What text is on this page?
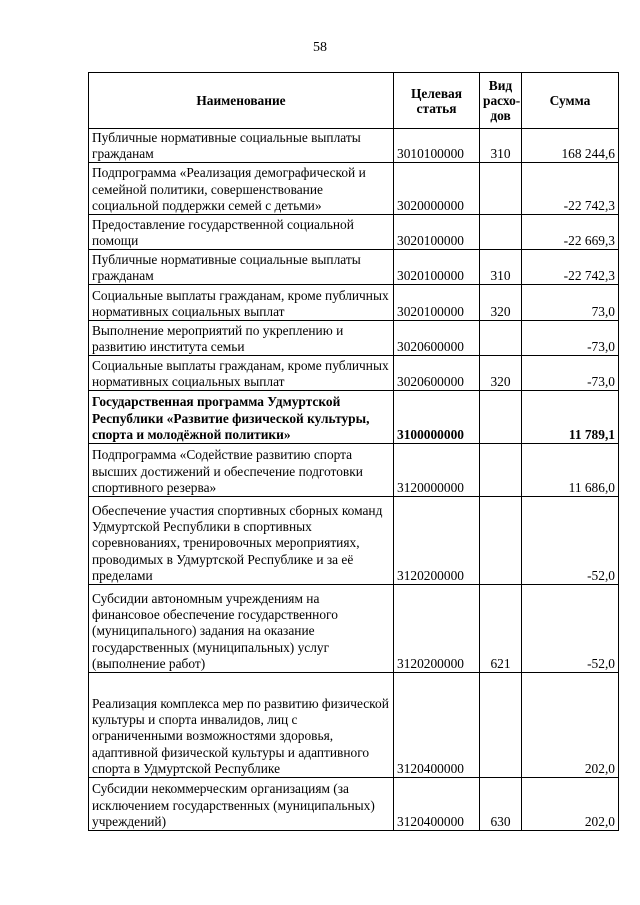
58
Наименование	Целевая статья	Вид расхо-дов	Сумма
Публичные нормативные социальные выплаты гражданам	3010100000	310	168 244,6
Подпрограмма «Реализация демографической и семейной политики, совершенствование социальной поддержки семей с детьми»	3020000000		-22 742,3
Предоставление государственной социальной помощи	3020100000		-22 669,3
Публичные нормативные социальные выплаты гражданам	3020100000	310	-22 742,3
Социальные выплаты гражданам, кроме публичных нормативных социальных выплат	3020100000	320	73,0
Выполнение мероприятий по укреплению и развитию института семьи	3020600000		-73,0
Социальные выплаты гражданам, кроме публичных нормативных социальных выплат	3020600000	320	-73,0
Государственная программа Удмуртской Республики «Развитие физической культуры, спорта и молодёжной политики»	3100000000		11 789,1
Подпрограмма «Содействие развитию спорта высших достижений и обеспечение подготовки спортивного резерва»	3120000000		11 686,0
Обеспечение участия спортивных сборных команд Удмуртской Республики в спортивных соревнованиях, тренировочных мероприятиях, проводимых в Удмуртской Республике и за её пределами	3120200000		-52,0
Субсидии автономным учреждениям на финансовое обеспечение государственного (муниципального) задания на оказание государственных (муниципальных) услуг (выполнение работ)	3120200000	621	-52,0
Реализация комплекса мер по развитию физической культуры и спорта инвалидов, лиц с ограниченными возможностями здоровья, адаптивной физической культуры и адаптивного спорта в Удмуртской Республике	3120400000		202,0
Субсидии некоммерческим организациям (за исключением государственных (муниципальных) учреждений)	3120400000	630	202,0
